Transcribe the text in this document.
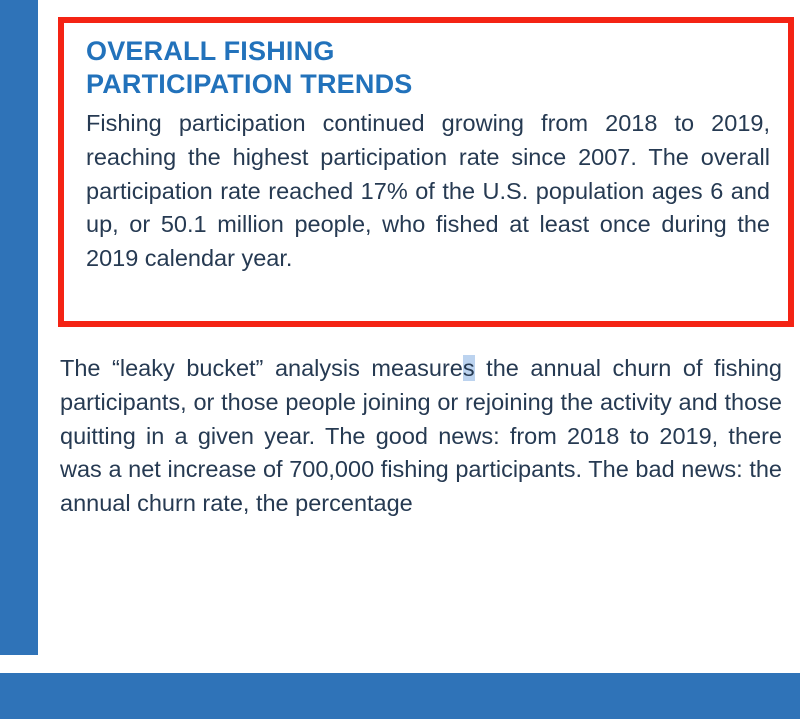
OVERALL FISHING
PARTICIPATION TRENDS

Fishing participation continued growing from 2018 to 2019, reaching the highest participation rate since 2007. The overall participation rate reached 17% of the U.S. population ages 6 and up, or 50.1 million people, who fished at least once during the 2019 calendar year.

The “leaky bucket” analysis measures the annual churn of fishing participants, or those people joining or rejoining the activity and those quitting in a given year. The good news: from 2018 to 2019, there was a net increase of 700,000 fishing participants. The bad news: the annual churn rate, the percentage
